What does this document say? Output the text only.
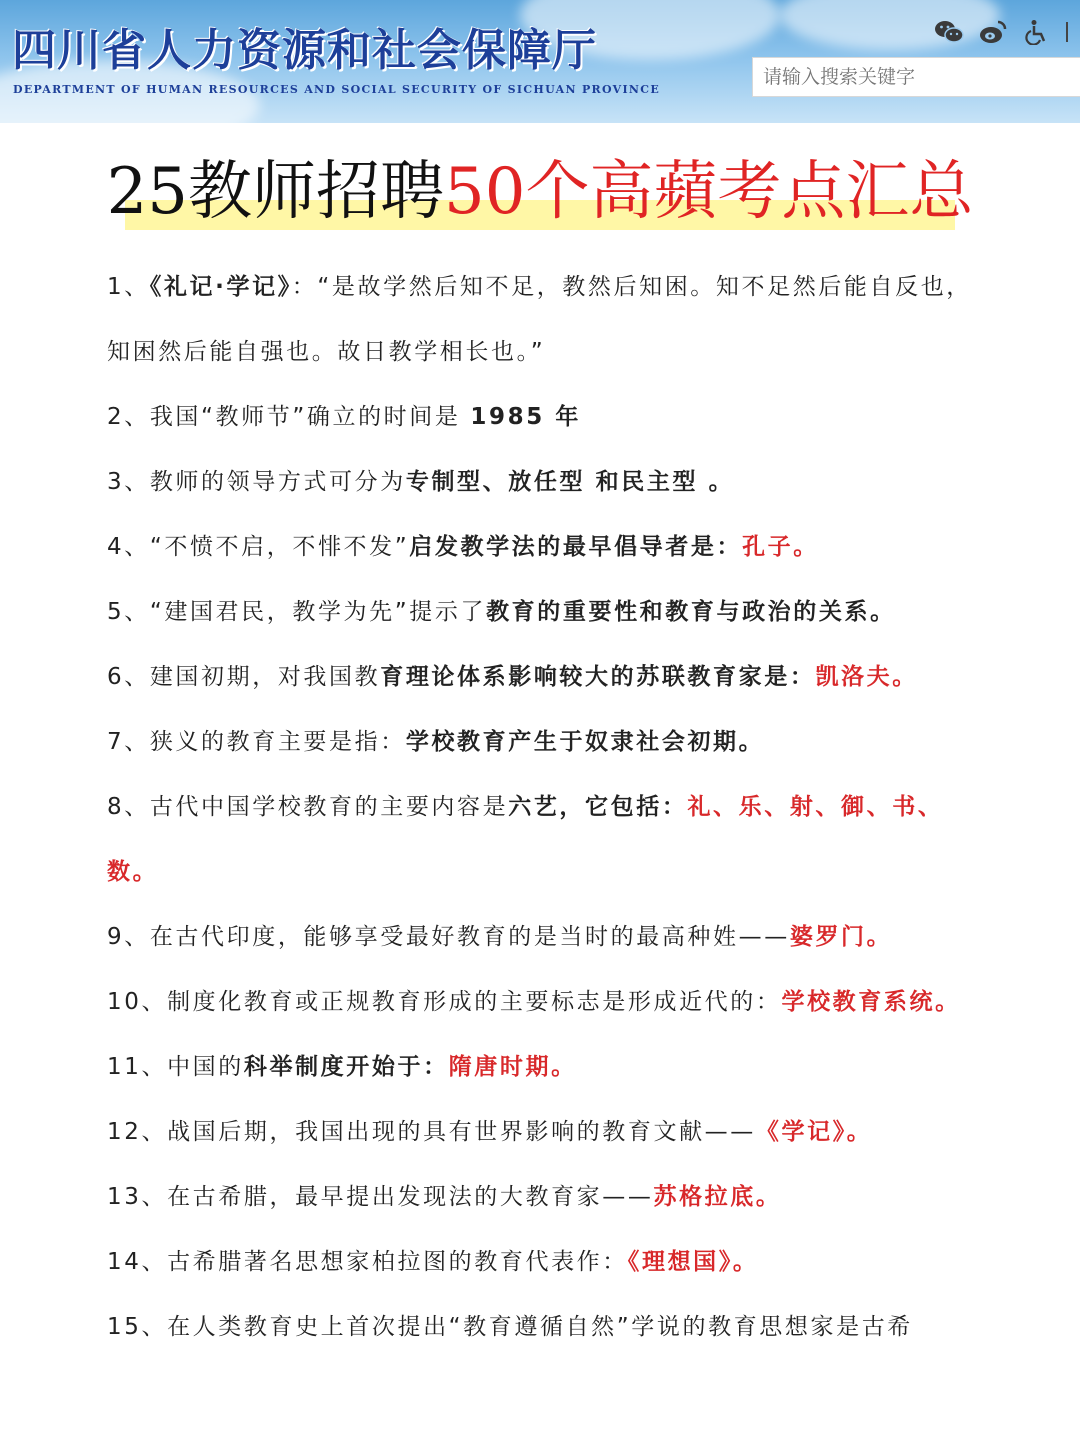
四川省人力资源和社会保障厅
DEPARTMENT OF HUMAN RESOURCES AND SOCIAL SECURITY OF SICHUAN PROVINCE
请输入搜索关键字
25教师招聘50个高蘋考点汇总

1、《礼记·学记》：“是故学然后知不足，教然后知困。知不足然后能自反也，知困然后能自强也。故日教学相长也。”

2、我国“教师节”确立的时间是 1985 年

3、教师的领导方式可分为专制型、放任型 和民主型 。

4、“不愤不启，不悱不发”启发教学法的最早倡导者是：孔子。

5、“建国君民，教学为先”提示了教育的重要性和教育与政治的关系。

6、建国初期，对我国教育理论体系影响较大的苏联教育家是：凯洛夫。

7、狭义的教育主要是指：学校教育产生于奴隶社会初期。

8、古代中国学校教育的主要内容是六艺，它包括：礼、乐、射、御、书、数。

9、在古代印度，能够享受最好教育的是当时的最高种姓——婆罗门。

10、制度化教育或正规教育形成的主要标志是形成近代的：学校教育系统。

11、中国的科举制度开始于：隋唐时期。

12、战国后期，我国出现的具有世界影响的教育文献——《学记》。

13、在古希腊，最早提出发现法的大教育家——苏格拉底。

14、古希腊著名思想家柏拉图的教育代表作：《理想国》。

15、在人类教育史上首次提出“教育遵循自然”学说的教育思想家是古希
